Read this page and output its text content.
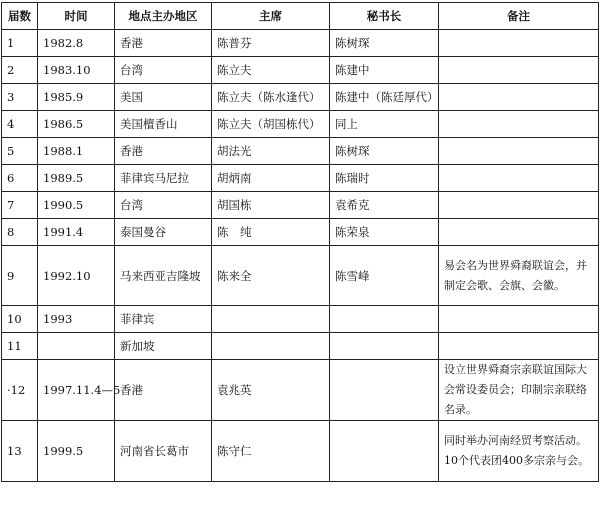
届数	时间	地点主办地区	主席	秘书长	备注
1	1982.8	香港	陈普芬	陈树琛	
2	1983.10	台湾	陈立夫	陈建中	
3	1985.9	美国	陈立夫（陈水逢代）	陈建中（陈廷厚代）	
4	1986.5	美国檀香山	陈立夫（胡国栋代）	同上	
5	1988.1	香港	胡法光	陈树琛	
6	1989.5	菲律宾马尼拉	胡炳南	陈瑞时	
7	1990.5	台湾	胡国栋	袁希克	
8	1991.4	泰国曼谷	陈　纯	陈荣泉	
9	1992.10	马来西亚吉隆坡	陈来全	陈雪峰	易会名为世界舜裔联谊会，并制定会歌、会旗、会徽。
10	1993	菲律宾			
11		新加坡			
·12	1997.11.4—5	香港	袁兆英		设立世界舜裔宗亲联谊国际大会常设委员会；印制宗亲联络名录。
13	1999.5	河南省长葛市	陈守仁		同时举办河南经贸考察活动。10个代表团400多宗亲与会。
